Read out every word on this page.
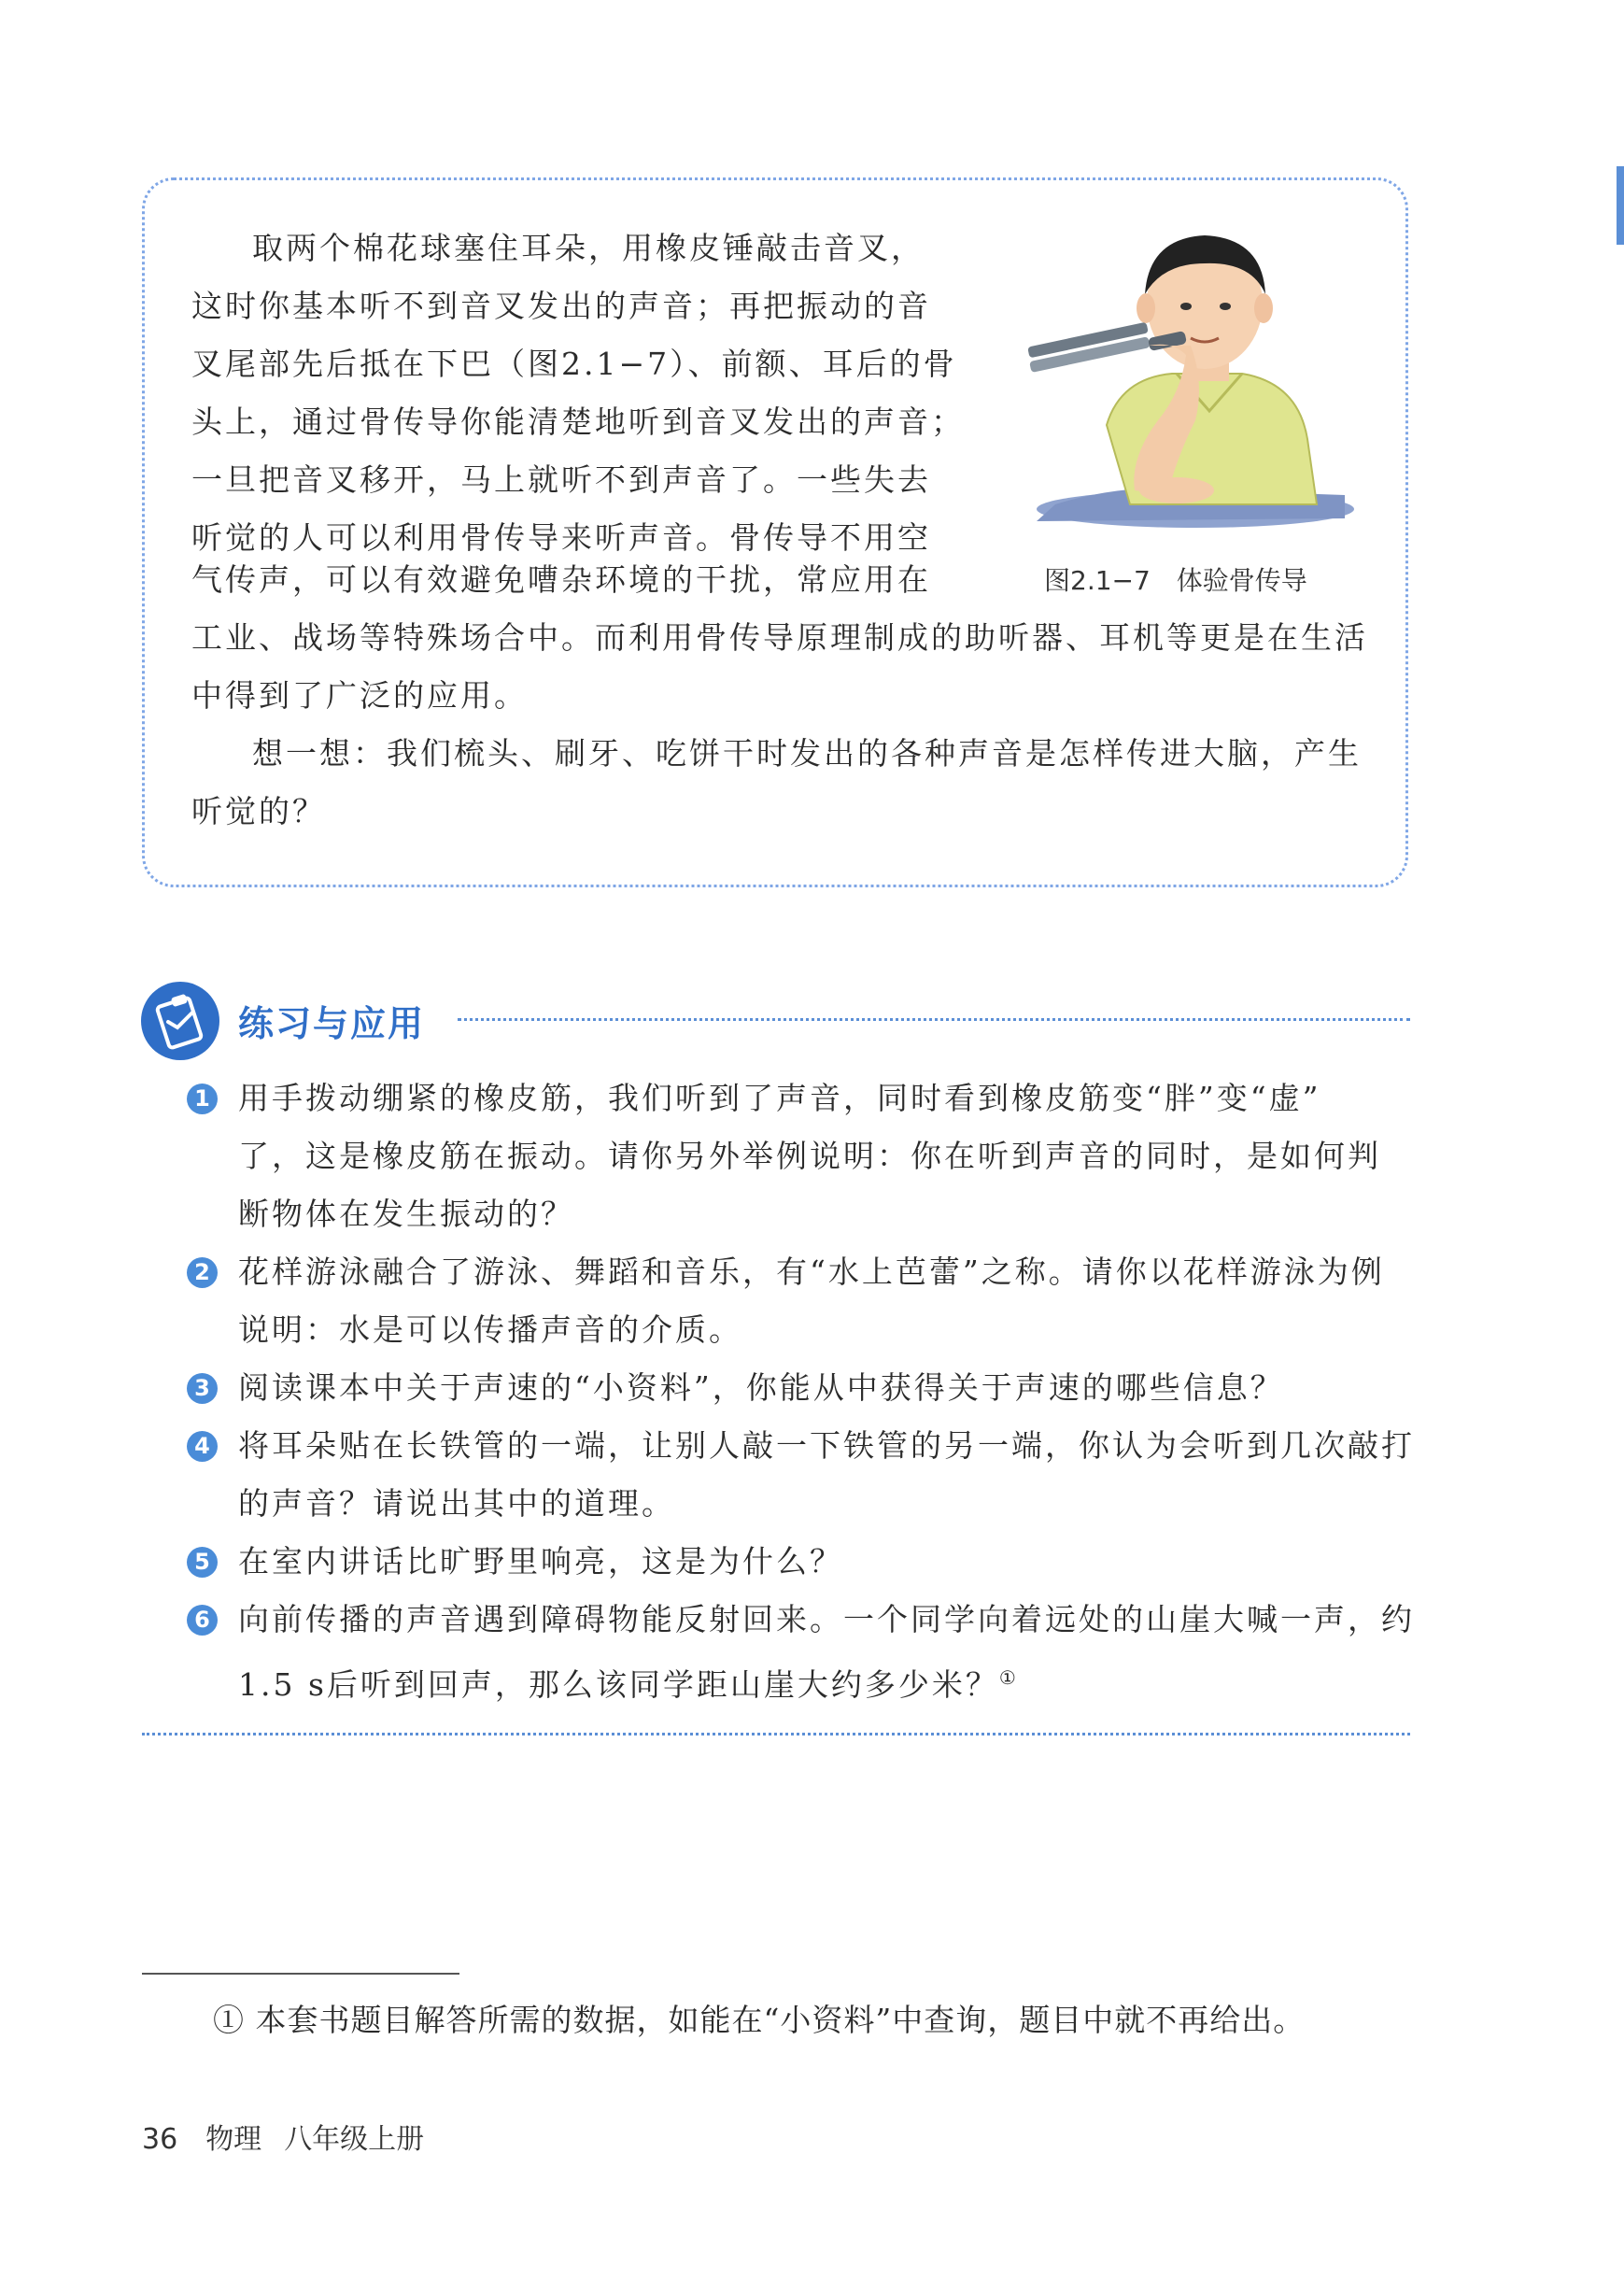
取两个棉花球塞住耳朵，用橡皮锤敲击音叉，
这时你基本听不到音叉发出的声音；再把振动的音
叉尾部先后抵在下巴（图2.1−7）、前额、耳后的骨
头上，通过骨传导你能清楚地听到音叉发出的声音；
一旦把音叉移开，马上就听不到声音了。一些失去
听觉的人可以利用骨传导来听声音。骨传导不用空
气传声，可以有效避免嘈杂环境的干扰，常应用在
工业、战场等特殊场合中。而利用骨传导原理制成的助听器、耳机等更是在生活
中得到了广泛的应用。
想一想：我们梳头、刷牙、吃饼干时发出的各种声音是怎样传进大脑，产生
听觉的？
图2.1−7　体验骨传导
练习与应用
1 用手拨动绷紧的橡皮筋，我们听到了声音，同时看到橡皮筋变“胖”变“虚”
了，这是橡皮筋在振动。请你另外举例说明：你在听到声音的同时，是如何判
断物体在发生振动的？
2 花样游泳融合了游泳、舞蹈和音乐，有“水上芭蕾”之称。请你以花样游泳为例
说明：水是可以传播声音的介质。
3 阅读课本中关于声速的“小资料”，你能从中获得关于声速的哪些信息？
4 将耳朵贴在长铁管的一端，让别人敲一下铁管的另一端，你认为会听到几次敲打
的声音？请说出其中的道理。
5 在室内讲话比旷野里响亮，这是为什么？
6 向前传播的声音遇到障碍物能反射回来。一个同学向着远处的山崖大喊一声，约
1.5 s后听到回声，那么该同学距山崖大约多少米？①
① 本套书题目解答所需的数据，如能在“小资料”中查询，题目中就不再给出。
36 物理 八年级上册
